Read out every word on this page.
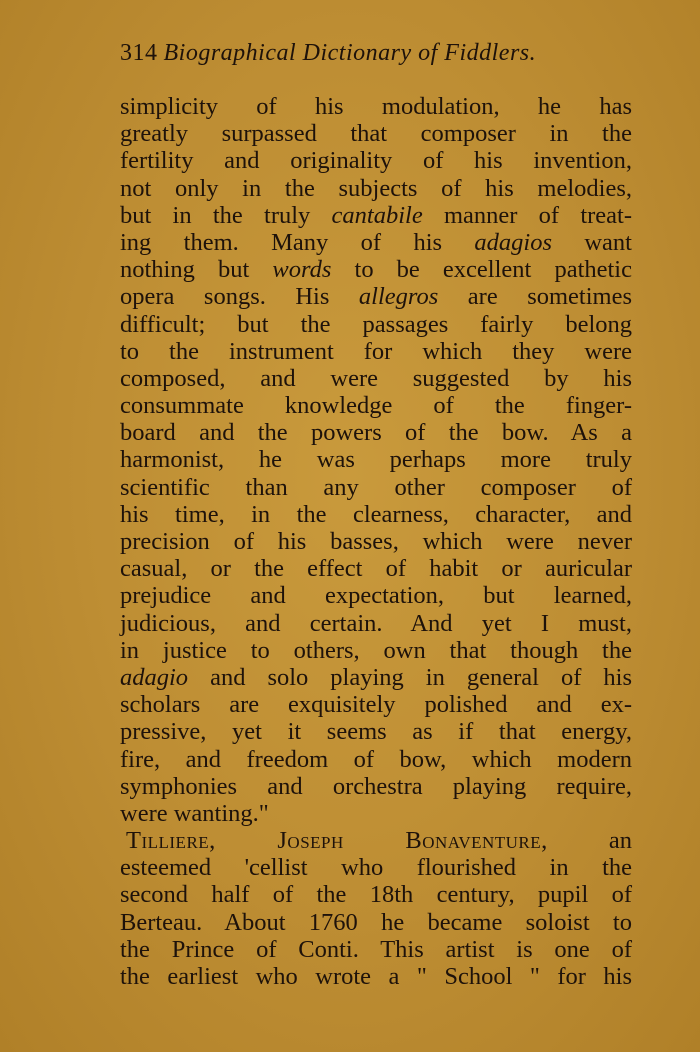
314 Biographical Dictionary of Fiddlers.
simplicity of his modulation, he has
greatly surpassed that composer in the
fertility and originality of his invention,
not only in the subjects of his melodies,
but in the truly cantabile manner of treat-
ing them. Many of his adagios want
nothing but words to be excellent pathetic
opera songs. His allegros are sometimes
difficult; but the passages fairly belong
to the instrument for which they were
composed, and were suggested by his
consummate knowledge of the finger-
board and the powers of the bow. As a
harmonist, he was perhaps more truly
scientific than any other composer of
his time, in the clearness, character, and
precision of his basses, which were never
casual, or the effect of habit or auricular
prejudice and expectation, but learned,
judicious, and certain. And yet I must,
in justice to others, own that though the
adagio and solo playing in general of his
scholars are exquisitely polished and ex-
pressive, yet it seems as if that energy,
fire, and freedom of bow, which modern
symphonies and orchestra playing require,
were wanting."
Tilliere, Joseph Bonaventure, an
esteemed 'cellist who flourished in the
second half of the 18th century, pupil of
Berteau. About 1760 he became soloist to
the Prince of Conti. This artist is one of
the earliest who wrote a " School " for his
